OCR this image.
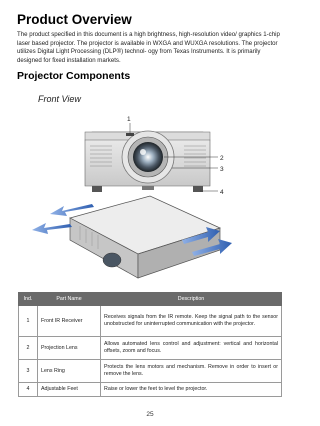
Product Overview

The product specified in this document is a high brightness, high-resolution video/ graphics 1-chip laser based projector. The projector is available in WXGA and WUXGA resolutions. The projector utilizes Digital Light Processing (DLP®) technol- ogy from Texas Instruments. It is primarily designed for fixed installation markets.

Projector Components

Front View

1
2
3
4
Ind.	Part Name	Description
1	Front IR Receiver	Receives signals from the IR remote. Keep the signal path to the sensor unobstructed for uninterrupted communication with the projector.
2	Projection Lens	Allows automated lens control and adjustment: vertical and horizontal offsets, zoom and focus.
3	Lens Ring	Protects the lens motors and mechanism. Remove in order to insert or remove the lens.
4	Adjustable Feet	Raise or lower the feet to level the projector.
25
